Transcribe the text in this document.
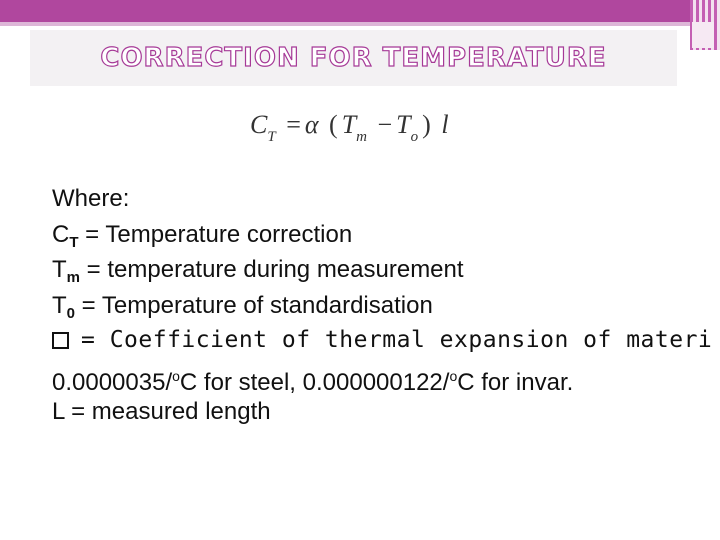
CORRECTION FOR TEMPERATURE
$C_T = \alpha$ ( $T_m - T_o$ ) l
Where:
$C_T$ = Temperature correction
$T_m$ = temperature during measurement
$T_0$ = Temperature of standardisation
= Coefficient of thermal expansion of materi
0.0000035/$^o$C for steel, 0.000000122/$^o$C for invar.
L = measured length
